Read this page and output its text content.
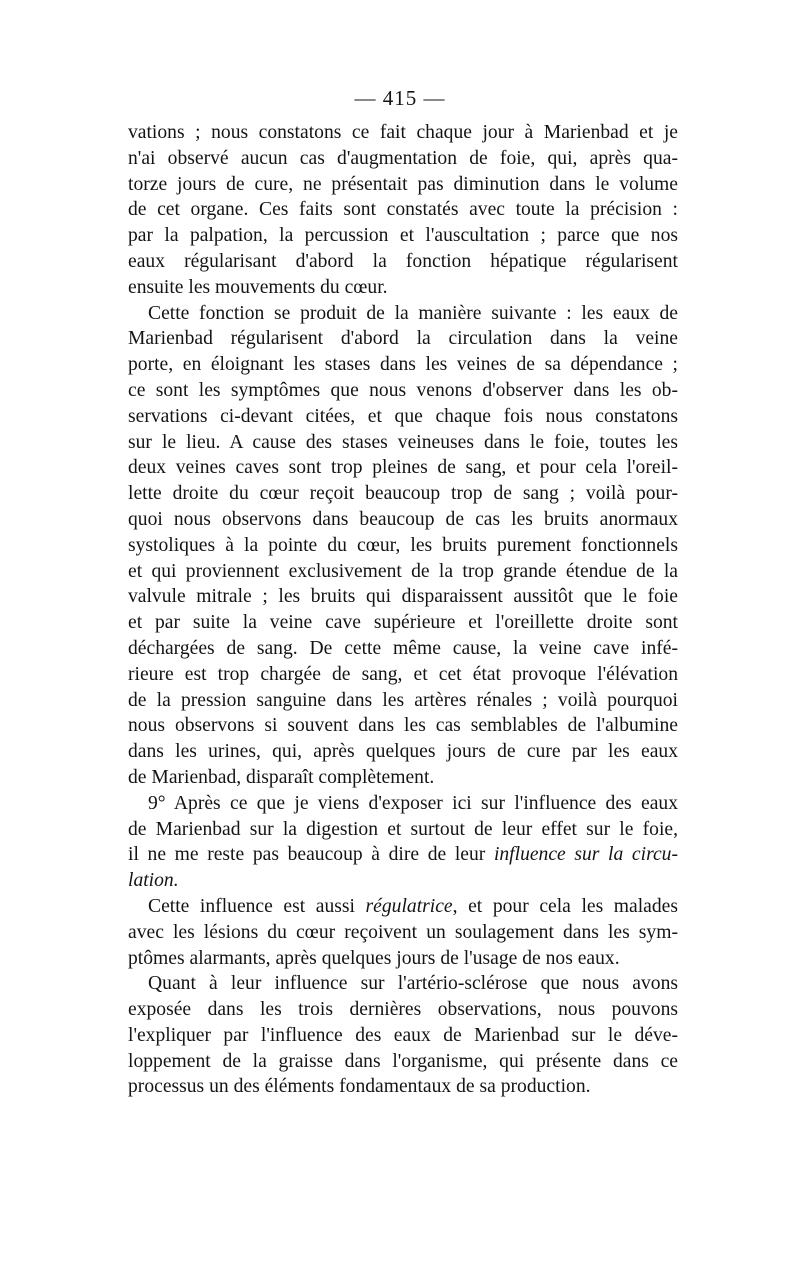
— 415 —
vations ; nous constatons ce fait chaque jour à Marienbad et je
n'ai observé aucun cas d'augmentation de foie, qui, après qua-
torze jours de cure, ne présentait pas diminution dans le volume
de cet organe. Ces faits sont constatés avec toute la précision :
par la palpation, la percussion et l'auscultation ; parce que nos
eaux régularisant d'abord la fonction hépatique régularisent
ensuite les mouvements du cœur.
Cette fonction se produit de la manière suivante : les eaux de
Marienbad régularisent d'abord la circulation dans la veine
porte, en éloignant les stases dans les veines de sa dépendance ;
ce sont les symptômes que nous venons d'observer dans les ob-
servations ci-devant citées, et que chaque fois nous constatons
sur le lieu. A cause des stases veineuses dans le foie, toutes les
deux veines caves sont trop pleines de sang, et pour cela l'oreil-
lette droite du cœur reçoit beaucoup trop de sang ; voilà pour-
quoi nous observons dans beaucoup de cas les bruits anormaux
systoliques à la pointe du cœur, les bruits purement fonctionnels
et qui proviennent exclusivement de la trop grande étendue de la
valvule mitrale ; les bruits qui disparaissent aussitôt que le foie
et par suite la veine cave supérieure et l'oreillette droite sont
déchargées de sang. De cette même cause, la veine cave infé-
rieure est trop chargée de sang, et cet état provoque l'élévation
de la pression sanguine dans les artères rénales ; voilà pourquoi
nous observons si souvent dans les cas semblables de l'albumine
dans les urines, qui, après quelques jours de cure par les eaux
de Marienbad, disparaît complètement.
9° Après ce que je viens d'exposer ici sur l'influence des eaux
de Marienbad sur la digestion et surtout de leur effet sur le foie,
il ne me reste pas beaucoup à dire de leur influence sur la circu-
lation.
Cette influence est aussi régulatrice, et pour cela les malades
avec les lésions du cœur reçoivent un soulagement dans les sym-
ptômes alarmants, après quelques jours de l'usage de nos eaux.
Quant à leur influence sur l'artério-sclérose que nous avons
exposée dans les trois dernières observations, nous pouvons
l'expliquer par l'influence des eaux de Marienbad sur le déve-
loppement de la graisse dans l'organisme, qui présente dans ce
processus un des éléments fondamentaux de sa production.
